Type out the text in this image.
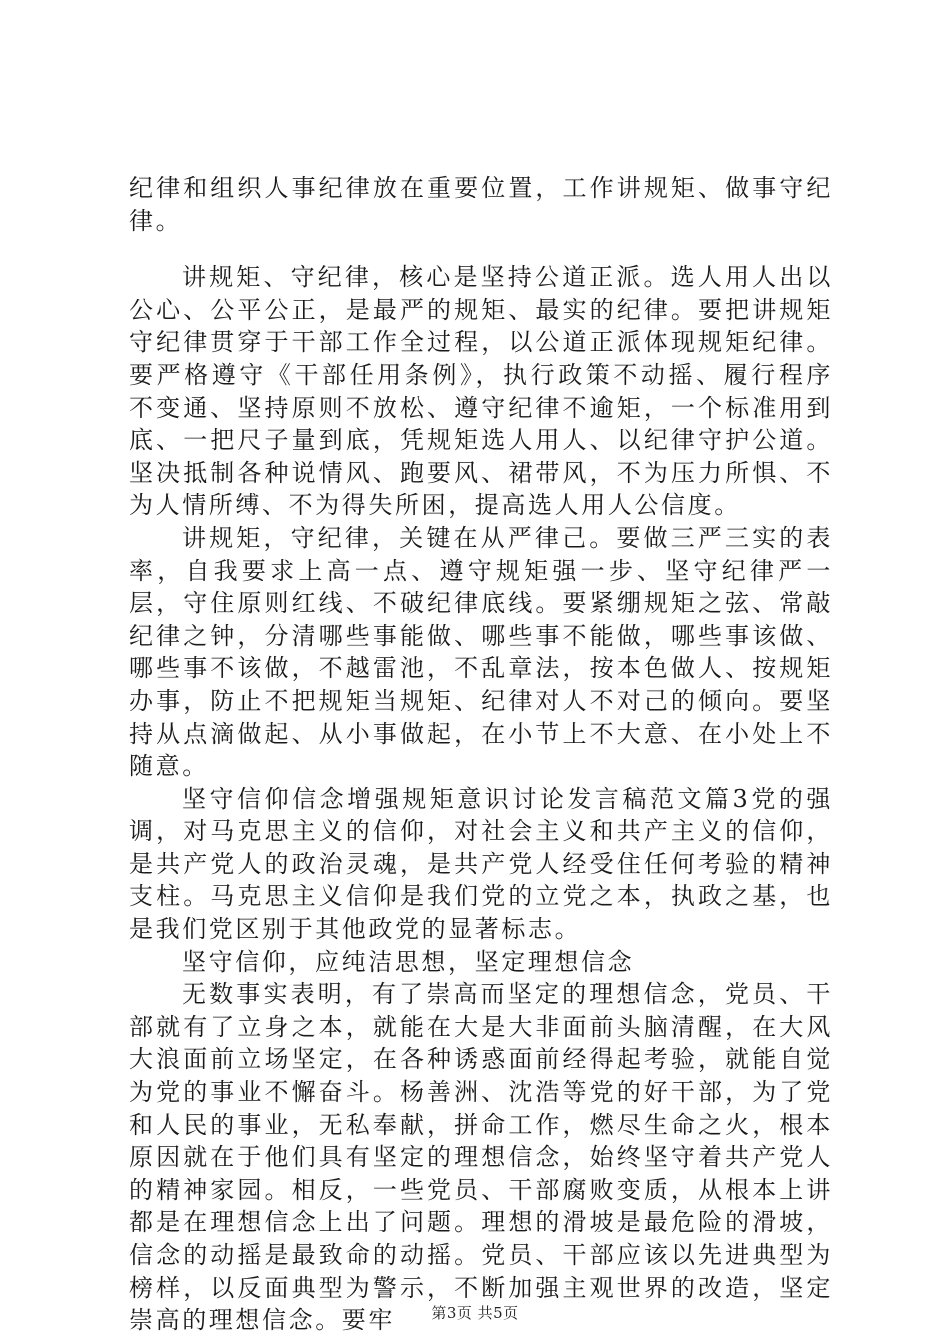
纪律和组织人事纪律放在重要位置，工作讲规矩、做事守纪律。

讲规矩、守纪律，核心是坚持公道正派。选人用人出以公心、公平公正，是最严的规矩、最实的纪律。要把讲规矩守纪律贯穿于干部工作全过程，以公道正派体现规矩纪律。要严格遵守《干部任用条例》，执行政策不动摇、履行程序不变通、坚持原则不放松、遵守纪律不逾矩，一个标准用到底、一把尺子量到底，凭规矩选人用人、以纪律守护公道。坚决抵制各种说情风、跑要风、裙带风，不为压力所惧、不为人情所缚、不为得失所困，提高选人用人公信度。

讲规矩，守纪律，关键在从严律己。要做三严三实的表率，自我要求上高一点、遵守规矩强一步、坚守纪律严一层，守住原则红线、不破纪律底线。要紧绷规矩之弦、常敲纪律之钟，分清哪些事能做、哪些事不能做，哪些事该做、哪些事不该做，不越雷池，不乱章法，按本色做人、按规矩办事，防止不把规矩当规矩、纪律对人不对己的倾向。要坚持从点滴做起、从小事做起，在小节上不大意、在小处上不随意。

坚守信仰信念增强规矩意识讨论发言稿范文篇3党的强调，对马克思主义的信仰，对社会主义和共产主义的信仰，是共产党人的政治灵魂，是共产党人经受住任何考验的精神支柱。马克思主义信仰是我们党的立党之本，执政之基，也是我们党区别于其他政党的显著标志。

坚守信仰，应纯洁思想，坚定理想信念

无数事实表明，有了崇高而坚定的理想信念，党员、干部就有了立身之本，就能在大是大非面前头脑清醒，在大风大浪面前立场坚定，在各种诱惑面前经得起考验，就能自觉为党的事业不懈奋斗。杨善洲、沈浩等党的好干部，为了党和人民的事业，无私奉献，拼命工作，燃尽生命之火，根本原因就在于他们具有坚定的理想信念，始终坚守着共产党人的精神家园。相反，一些党员、干部腐败变质，从根本上讲都是在理想信念上出了问题。理想的滑坡是最危险的滑坡，信念的动摇是最致命的动摇。党员、干部应该以先进典型为榜样，以反面典型为警示，不断加强主观世界的改造，坚定崇高的理想信念。要牢	第3页 共5页
